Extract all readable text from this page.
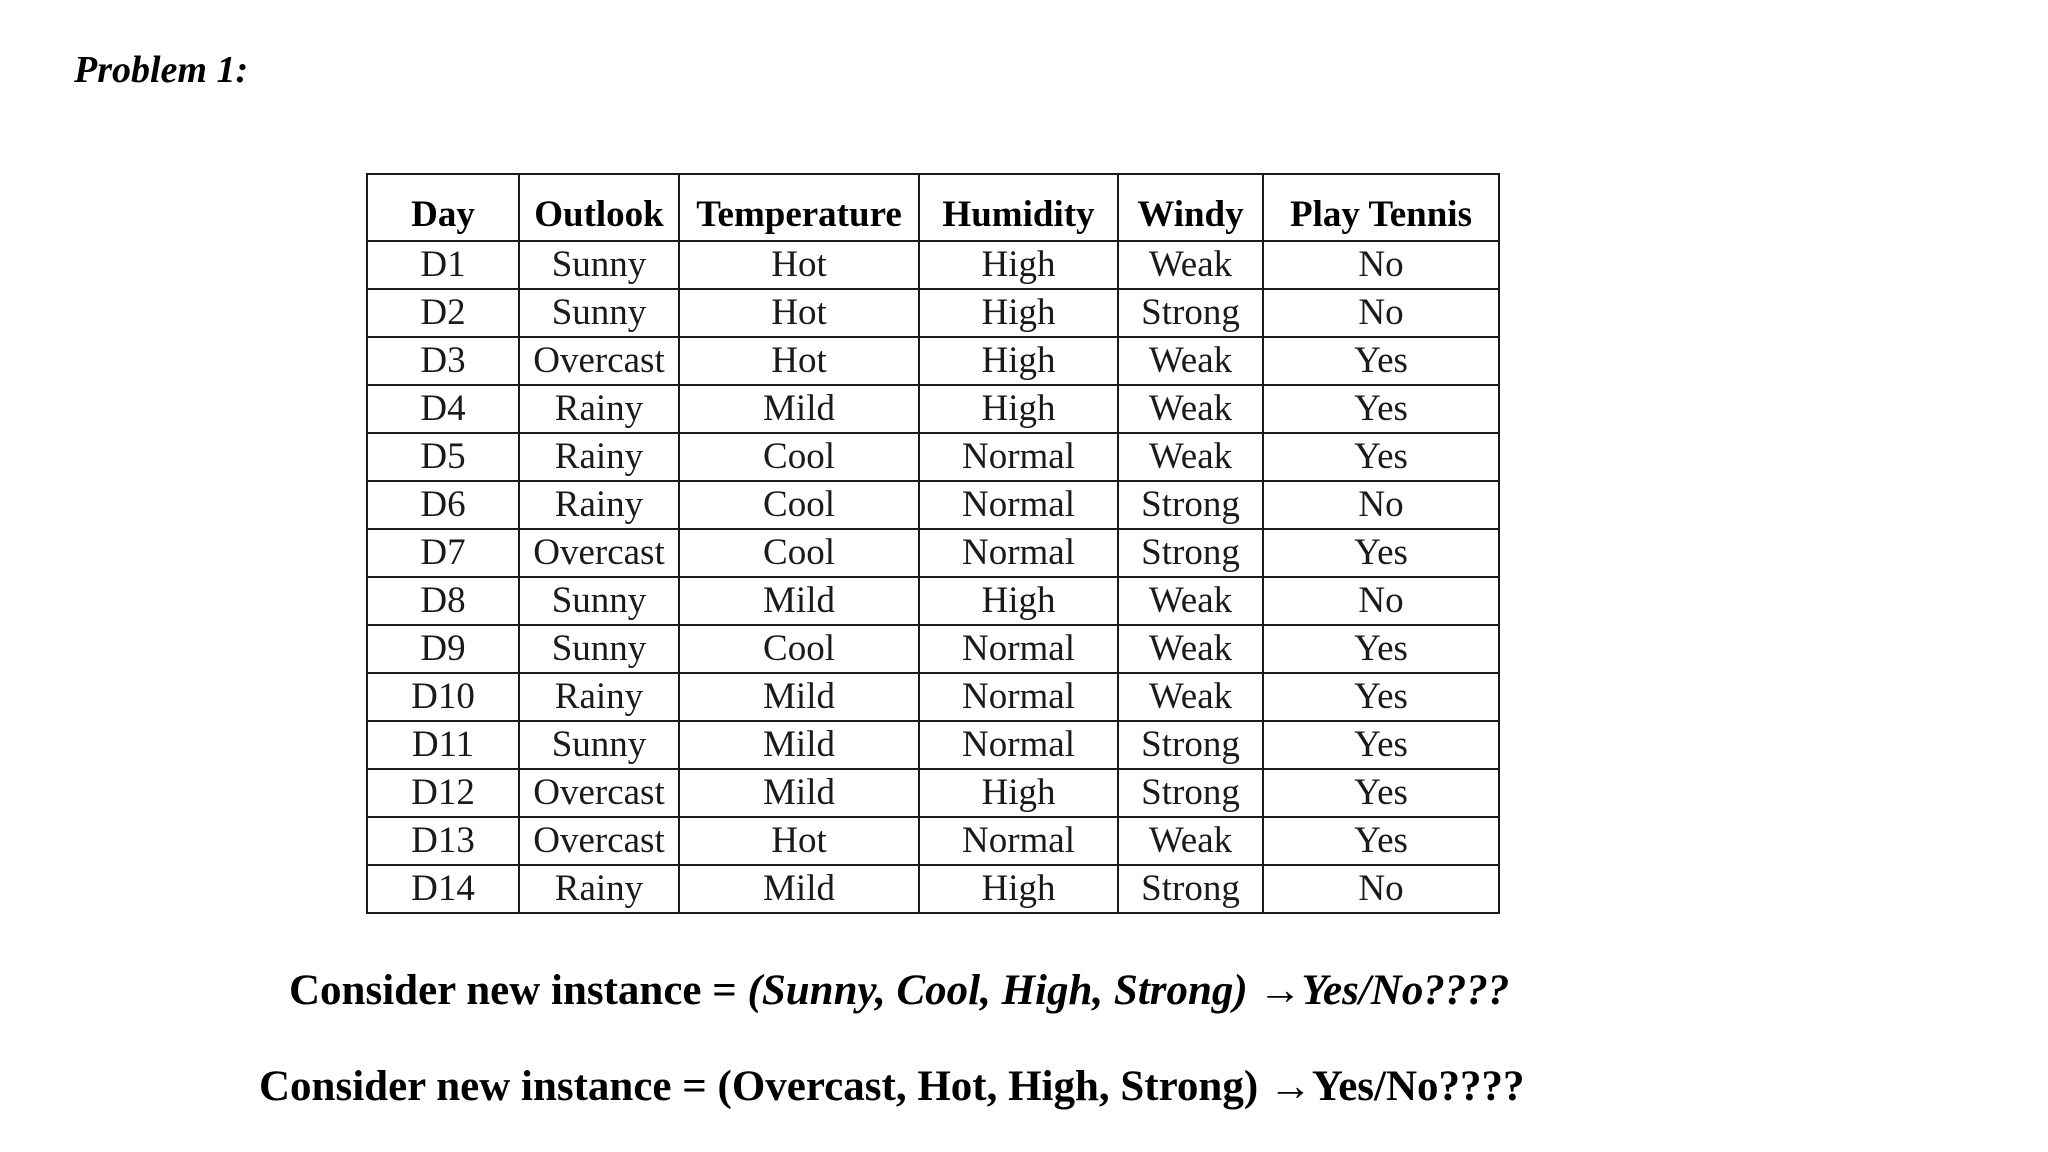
Problem 1:
Day	Outlook	Temperature	Humidity	Windy	Play Tennis
D1	Sunny	Hot	High	Weak	No
D2	Sunny	Hot	High	Strong	No
D3	Overcast	Hot	High	Weak	Yes
D4	Rainy	Mild	High	Weak	Yes
D5	Rainy	Cool	Normal	Weak	Yes
D6	Rainy	Cool	Normal	Strong	No
D7	Overcast	Cool	Normal	Strong	Yes
D8	Sunny	Mild	High	Weak	No
D9	Sunny	Cool	Normal	Weak	Yes
D10	Rainy	Mild	Normal	Weak	Yes
D11	Sunny	Mild	Normal	Strong	Yes
D12	Overcast	Mild	High	Strong	Yes
D13	Overcast	Hot	Normal	Weak	Yes
D14	Rainy	Mild	High	Strong	No

Consider new instance = (Sunny, Cool, High, Strong) →Yes/No????

Consider new instance = (Overcast, Hot, High, Strong) →Yes/No????
